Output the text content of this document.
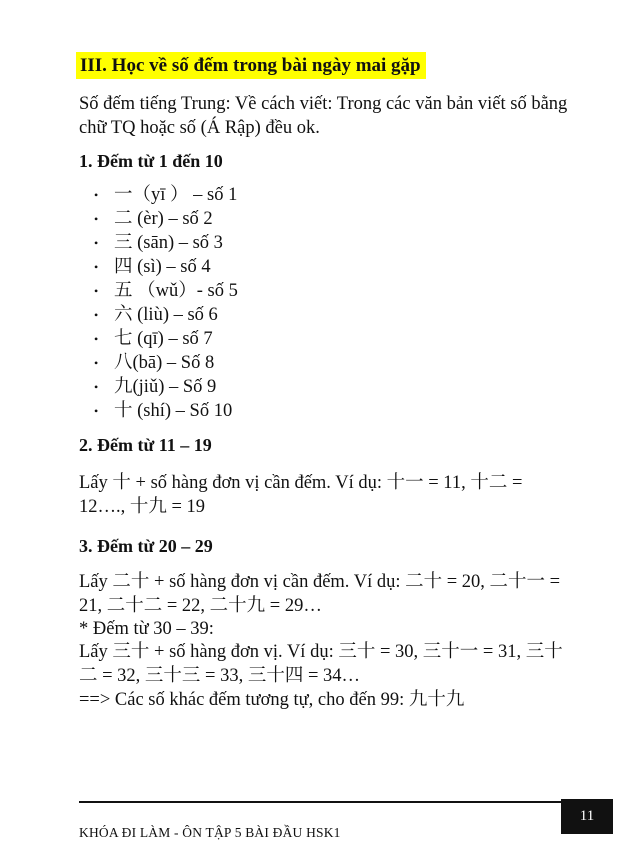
III. Học về số đếm trong bài ngày mai gặp

Số đếm tiếng Trung: Về cách viết: Trong các văn bản viết số bằng

chữ TQ hoặc số (Á Rập) đều ok.

1. Đếm từ 1 đến 10

• 一（yī ） – số 1
• 二 (èr) – số 2
• 三 (sān) – số 3
• 四 (sì) – số 4
• 五 （wǔ）- số 5
• 六 (liù) – số 6
• 七 (qī) – số 7
• 八(bā) – Số 8
• 九(jiǔ) – Số 9
• 十 (shí) – Số 10

2. Đếm từ 11 – 19

Lấy 十 + số hàng đơn vị cần đếm. Ví dụ: 十一 = 11, 十二 =

12…., 十九 = 19

3. Đếm từ 20 – 29

Lấy 二十 + số hàng đơn vị cần đếm. Ví dụ: 二十 = 20, 二十一 =

21, 二十二 = 22, 二十九 = 29…

* Đếm từ 30 – 39:

Lấy 三十 + số hàng đơn vị. Ví dụ: 三十 = 30, 三十一 = 31, 三十

二 = 32, 三十三 = 33, 三十四 = 34…

==> Các số khác đếm tương tự, cho đến 99: 九十九

11
KHÓA ĐI LÀM - ÔN TẬP 5 BÀI ĐẦU HSK1
